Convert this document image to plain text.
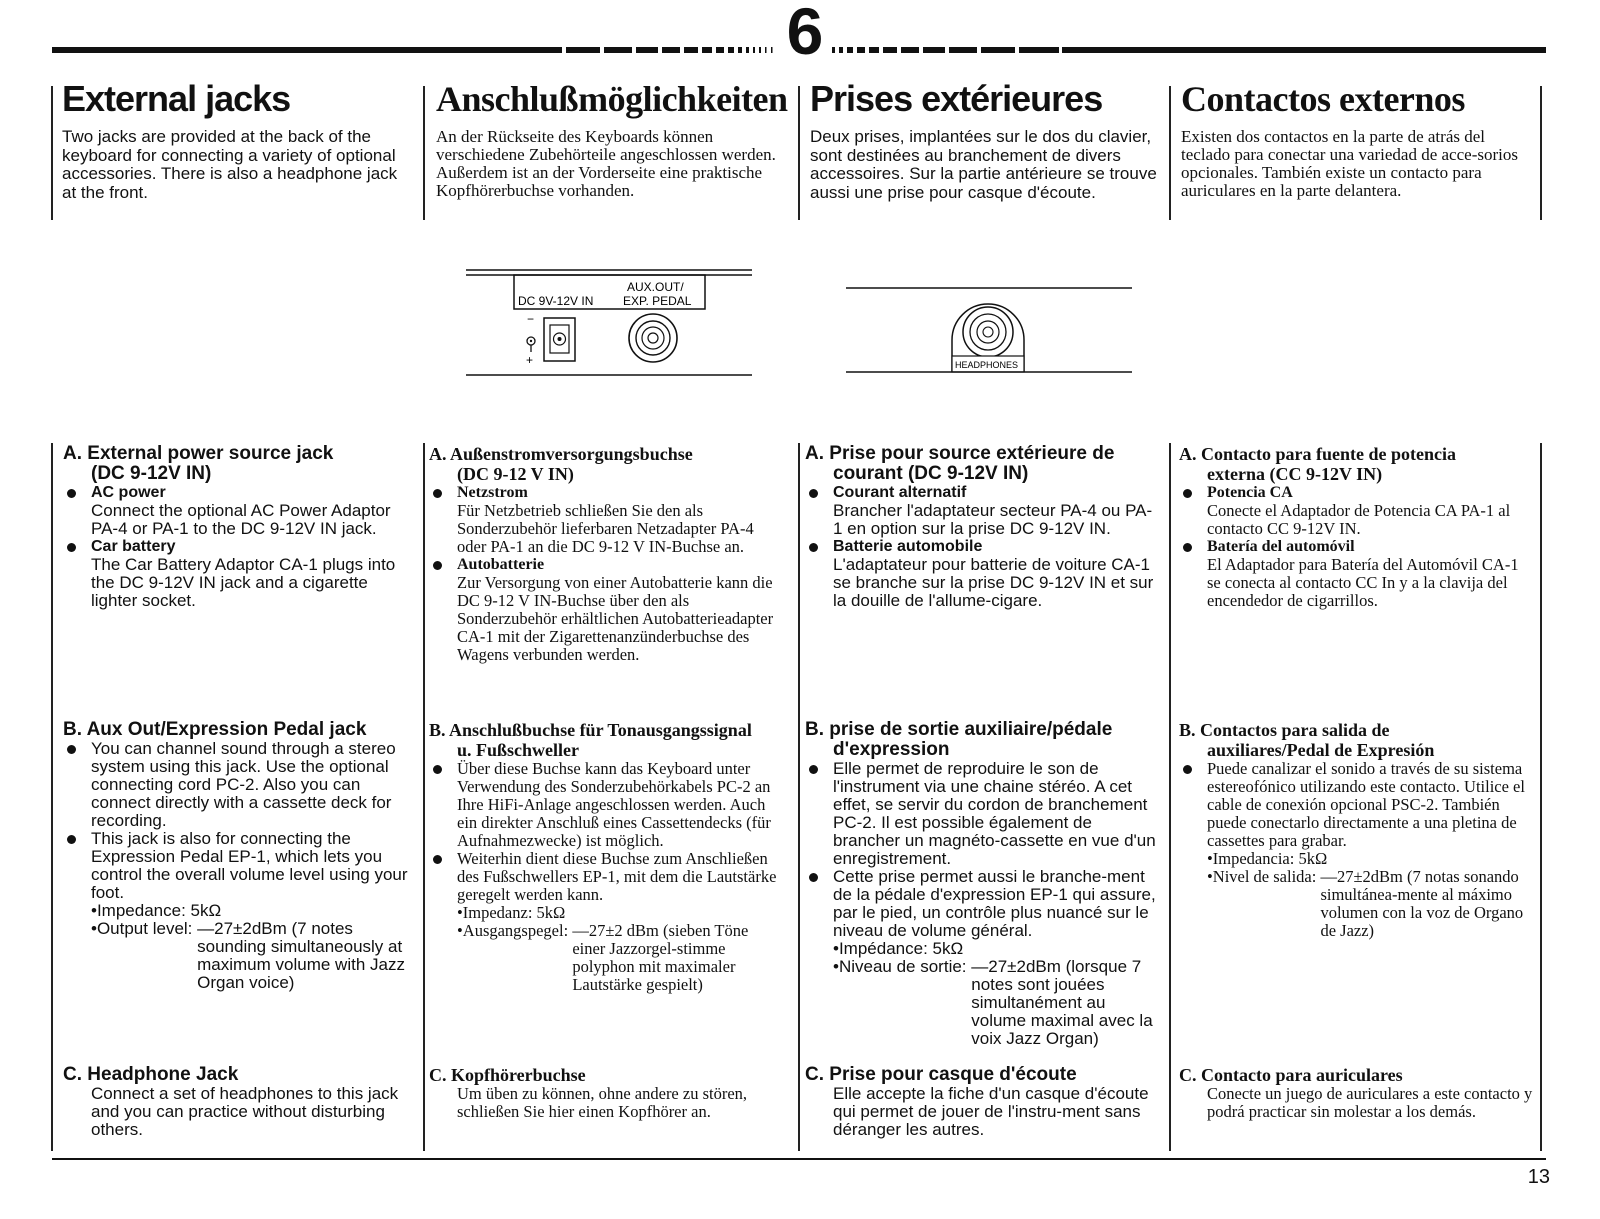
6
External jacks

Two jacks are provided at the back of the keyboard for connecting a variety of optional accessories. There is also a headphone jack at the front.

Anschlußmöglichkeiten

An der Rückseite des Keyboards können verschiedene Zubehörteile angeschlossen werden. Außerdem ist an der Vorderseite eine praktische Kopfhörerbuchse vorhanden.

Prises extérieures

Deux prises, implantées sur le dos du clavier, sont destinées au branchement de divers accessoires. Sur la partie antérieure se trouve aussi une prise pour casque d'écoute.

Contactos externos

Existen dos contactos en la parte de atrás del teclado para conectar una variedad de acce-sorios opcionales. También existe un contacto para auriculares en la parte delantera.

AUX.OUT/
EXP. PEDAL
DC 9V-12V IN
−
+	HEADPHONES
A. External power source jack
(DC 9-12V IN)
AC power
Connect the optional AC Power Adaptor PA-4 or PA-1 to the DC 9-12V IN jack.
Car battery
The Car Battery Adaptor CA-1 plugs into the DC 9-12V IN jack and a cigarette lighter socket.
A. Außenstromversorgungsbuchse
(DC 9-12 V IN)
Netzstrom
Für Netzbetrieb schließen Sie den als Sonderzubehör lieferbaren Netzadapter PA-4 oder PA-1 an die DC 9-12 V IN-Buchse an.
Autobatterie
Zur Versorgung von einer Autobatterie kann die DC 9-12 V IN-Buchse über den als Sonderzubehör erhältlichen Autobatterieadapter CA-1 mit der Zigarettenanzünderbuchse des Wagens verbunden werden.
A. Prise pour source extérieure de
courant (DC 9-12V IN)
Courant alternatif
Brancher l'adaptateur secteur PA-4 ou PA-1 en option sur la prise DC 9-12V IN.
Batterie automobile
L'adaptateur pour batterie de voiture CA-1 se branche sur la prise DC 9-12V IN et sur la douille de l'allume-cigare.
A. Contacto para fuente de potencia
externa (CC 9-12V IN)
Potencia CA
Conecte el Adaptador de Potencia CA PA-1 al contacto CC 9-12V IN.
Batería del automóvil
El Adaptador para Batería del Automóvil CA-1 se conecta al contacto CC In y a la clavija del encendedor de cigarrillos.
B. Aux Out/Expression Pedal jack
You can channel sound through a stereo system using this jack. Use the optional connecting cord PC-2. Also you can connect directly with a cassette deck for recording.
This jack is also for connecting the Expression Pedal EP-1, which lets you control the overall volume level using your foot.
•Impedance: 5kΩ
•Output level: —27±2dBm (7 notes sounding simultaneously at maximum volume with Jazz Organ voice)
B. Anschlußbuchse für Tonausgangssignal
u. Fußschweller
Über diese Buchse kann das Keyboard unter Verwendung des Sonderzubehörkabels PC-2 an Ihre HiFi-Anlage angeschlossen werden. Auch ein direkter Anschluß eines Cassettendecks (für Aufnahmezwecke) ist möglich.
Weiterhin dient diese Buchse zum Anschließen des Fußschwellers EP-1, mit dem die Lautstärke geregelt werden kann.
•Impedanz: 5kΩ
•Ausgangspegel: —27±2 dBm (sieben Töne einer Jazzorgel-stimme polyphon mit maximaler Lautstärke gespielt)
B. prise de sortie auxiliaire/pédale
d'expression
Elle permet de reproduire le son de l'instrument via une chaine stéréo. A cet effet, se servir du cordon de branchement PC-2. Il est possible également de brancher un magnéto-cassette en vue d'un enregistrement.
Cette prise permet aussi le branche-ment de la pédale d'expression EP-1 qui assure, par le pied, un contrôle plus nuancé sur le niveau de volume général.
•Impédance: 5kΩ
•Niveau de sortie: —27±2dBm (lorsque 7 notes sont jouées simultanément au volume maximal avec la voix Jazz Organ)
B. Contactos para salida de
auxiliares/Pedal de Expresión
Puede canalizar el sonido a través de su sistema estereofónico utilizando este contacto. Utilice el cable de conexión opcional PSC-2. También puede conectarlo directamente a una pletina de cassettes para grabar.
•Impedancia: 5kΩ
•Nivel de salida: —27±2dBm (7 notas sonando simultánea-mente al máximo volumen con la voz de Organo de Jazz)
C. Headphone Jack
Connect a set of headphones to this jack and you can practice without disturbing others.
C. Kopfhörerbuchse
Um üben zu können, ohne andere zu stören, schließen Sie hier einen Kopfhörer an.
C. Prise pour casque d'écoute
Elle accepte la fiche d'un casque d'écoute qui permet de jouer de l'instru-ment sans déranger les autres.
C. Contacto para auriculares
Conecte un juego de auriculares a este contacto y podrá practicar sin molestar a los demás.
13
